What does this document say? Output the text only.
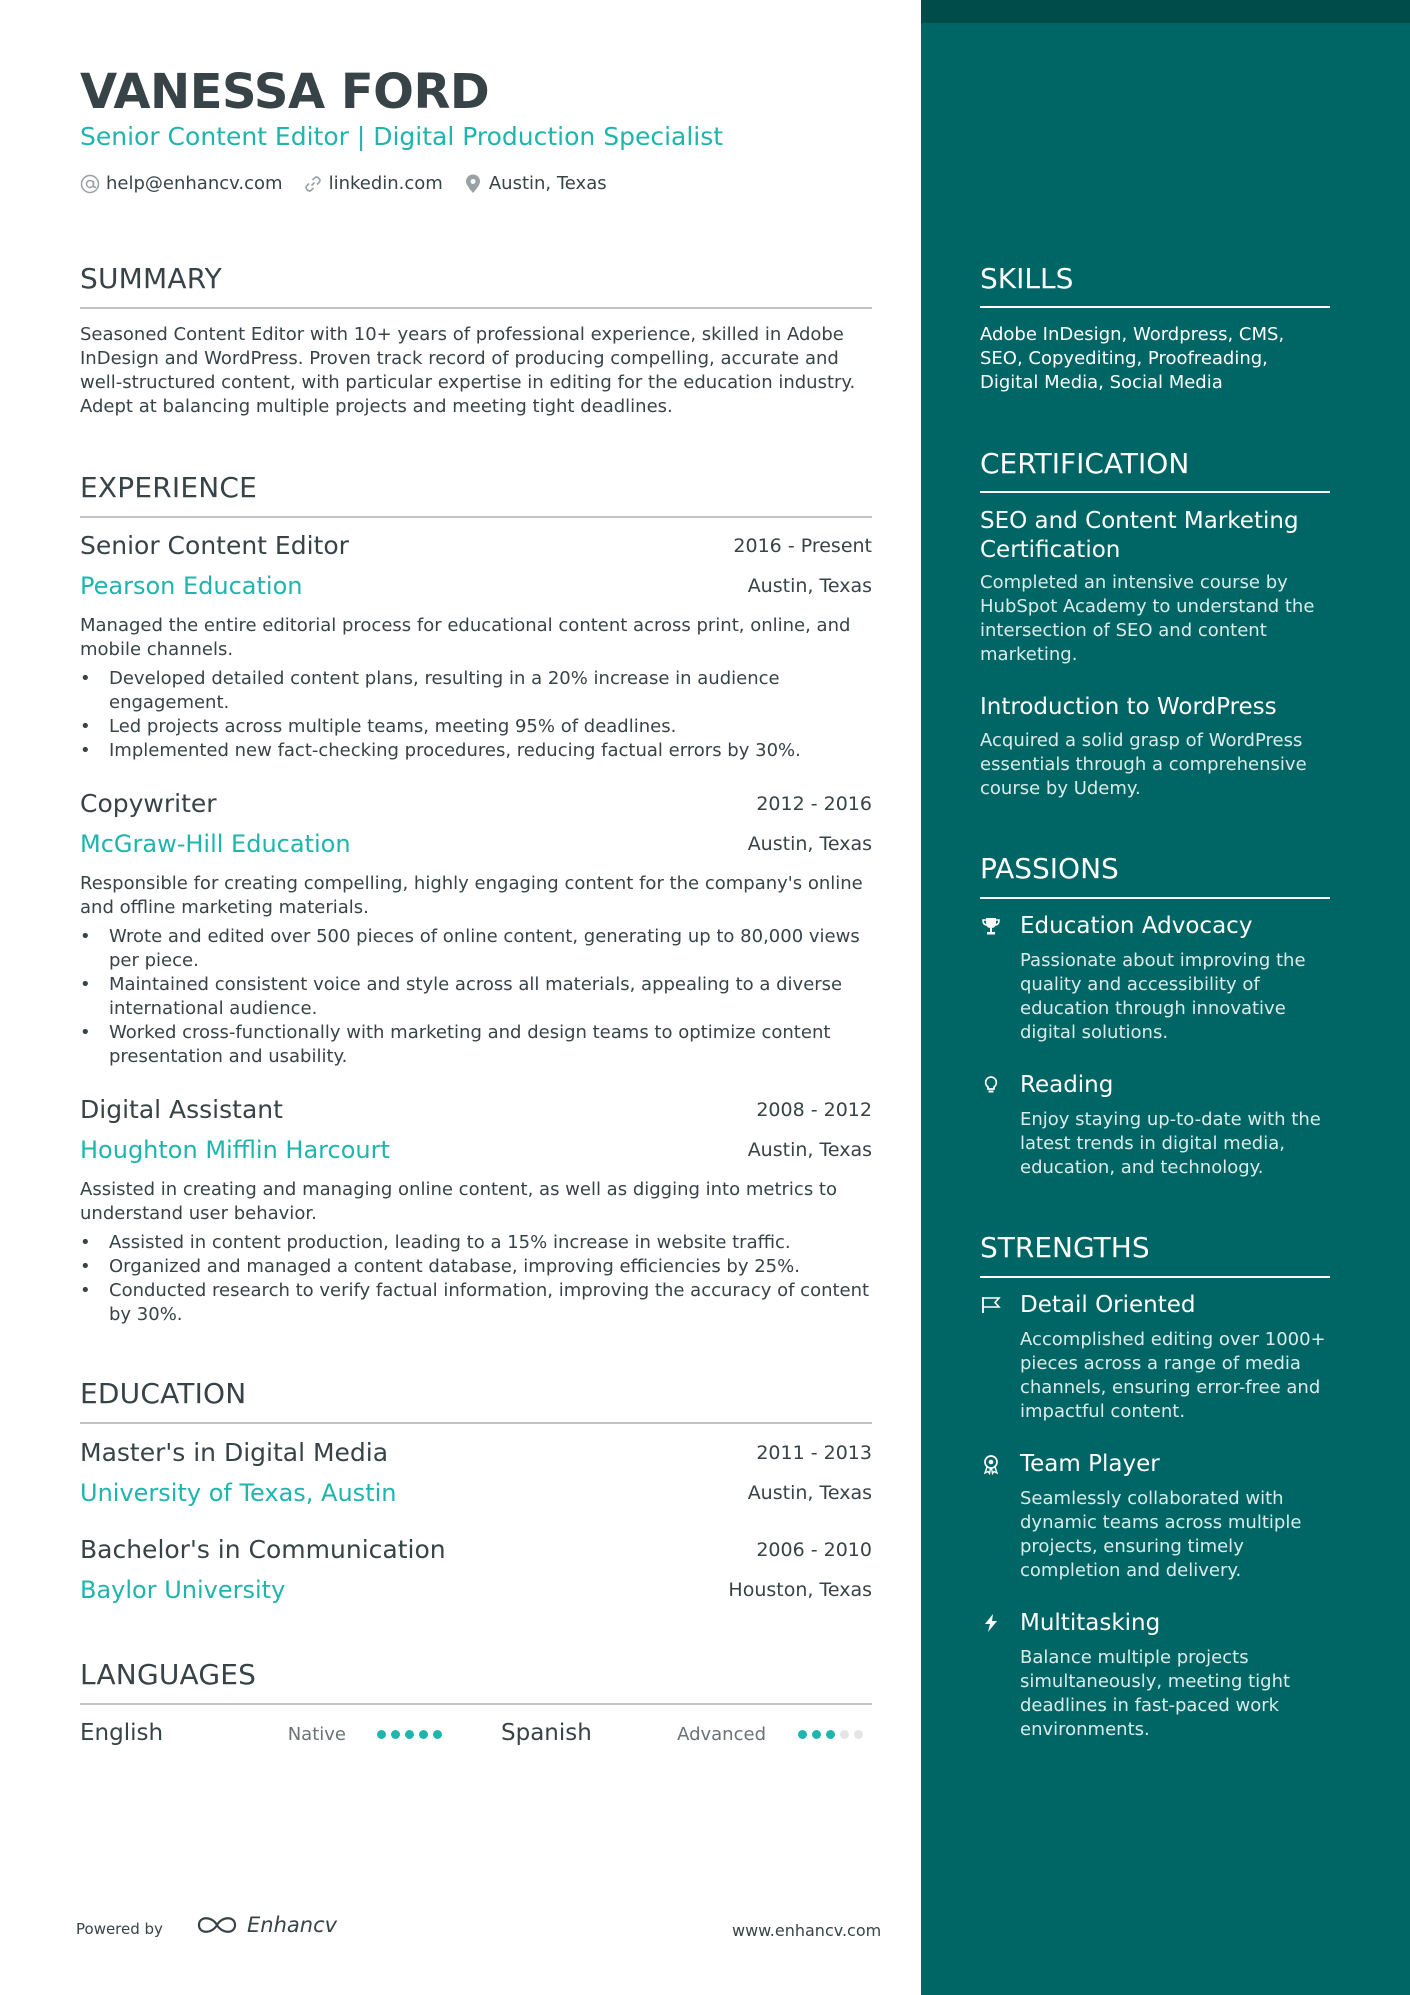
VANESSA FORD
Senior Content Editor | Digital Production Specialist
help@enhancv.com	linkedin.com	Austin, Texas
SUMMARY
Seasoned Content Editor with 10+ years of professional experience, skilled in Adobe InDesign and WordPress. Proven track record of producing compelling, accurate and well-structured content, with particular expertise in editing for the education industry. Adept at balancing multiple projects and meeting tight deadlines.
EXPERIENCE
Senior Content Editor	2016 - Present
Pearson Education	Austin, Texas
Managed the entire editorial process for educational content across print, online, and mobile channels.
• Developed detailed content plans, resulting in a 20% increase in audience engagement.
• Led projects across multiple teams, meeting 95% of deadlines.
• Implemented new fact-checking procedures, reducing factual errors by 30%.
Copywriter	2012 - 2016
McGraw-Hill Education	Austin, Texas
Responsible for creating compelling, highly engaging content for the company's online and offline marketing materials.
• Wrote and edited over 500 pieces of online content, generating up to 80,000 views per piece.
• Maintained consistent voice and style across all materials, appealing to a diverse international audience.
• Worked cross-functionally with marketing and design teams to optimize content presentation and usability.
Digital Assistant	2008 - 2012
Houghton Mifflin Harcourt	Austin, Texas
Assisted in creating and managing online content, as well as digging into metrics to understand user behavior.
• Assisted in content production, leading to a 15% increase in website traffic.
• Organized and managed a content database, improving efficiencies by 25%.
• Conducted research to verify factual information, improving the accuracy of content by 30%.
EDUCATION
Master's in Digital Media	2011 - 2013
University of Texas, Austin	Austin, Texas
Bachelor's in Communication	2006 - 2010
Baylor University	Houston, Texas
LANGUAGES
English	Native	Spanish	Advanced
Powered by	Enhancv	www.enhancv.com
SKILLS
Adobe InDesign, Wordpress, CMS, SEO, Copyediting, Proofreading, Digital Media, Social Media
CERTIFICATION
SEO and Content Marketing Certification
Completed an intensive course by HubSpot Academy to understand the intersection of SEO and content marketing.
Introduction to WordPress
Acquired a solid grasp of WordPress essentials through a comprehensive course by Udemy.
PASSIONS
Education Advocacy
Passionate about improving the quality and accessibility of education through innovative digital solutions.
Reading
Enjoy staying up-to-date with the latest trends in digital media, education, and technology.
STRENGTHS
Detail Oriented
Accomplished editing over 1000+ pieces across a range of media channels, ensuring error-free and impactful content.
Team Player
Seamlessly collaborated with dynamic teams across multiple projects, ensuring timely completion and delivery.
Multitasking
Balance multiple projects simultaneously, meeting tight deadlines in fast-paced work environments.
